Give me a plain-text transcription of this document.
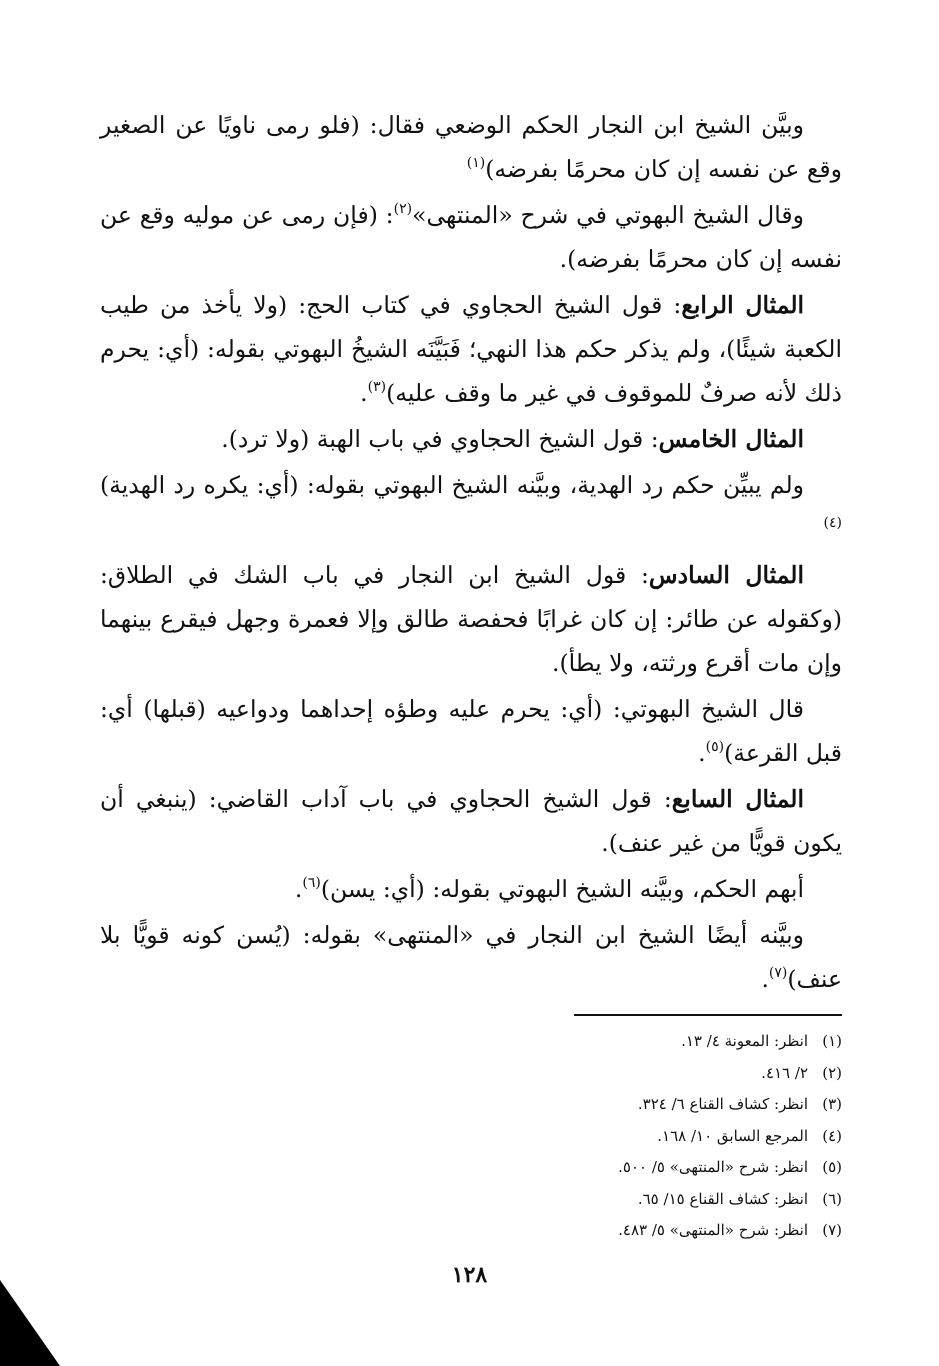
وبيَّن الشيخ ابن النجار الحكم الوضعي فقال: (فلو رمى ناويًا عن الصغير وقع عن نفسه إن كان محرمًا بفرضه)$^{(١)}$

وقال الشيخ البهوتي في شرح «المنتهى»$^{(٢)}$: (فإن رمى عن موليه وقع عن نفسه إن كان محرمًا بفرضه).

المثال الرابع: قول الشيخ الحجاوي في كتاب الحج: (ولا يأخذ من طيب الكعبة شيئًا)، ولم يذكر حكم هذا النهي؛ فَبَيَّنَه الشيخُ البهوتي بقوله: (أي: يحرم ذلك لأنه صرفٌ للموقوف في غير ما وقف عليه)$^{(٣)}$.

المثال الخامس: قول الشيخ الحجاوي في باب الهبة (ولا ترد).

ولم يبيِّن حكم رد الهدية، وبيَّنه الشيخ البهوتي بقوله: (أي: يكره رد الهدية)$^{(٤)}$

المثال السادس: قول الشيخ ابن النجار في باب الشك في الطلاق: (وكقوله عن طائر: إن كان غرابًا فحفصة طالق وإلا فعمرة وجهل فيقرع بينهما وإن مات أقرع ورثته، ولا يطأ).

قال الشيخ البهوتي: (أي: يحرم عليه وطؤه إحداهما ودواعيه (قبلها) أي: قبل القرعة)$^{(٥)}$.

المثال السابع: قول الشيخ الحجاوي في باب آداب القاضي: (ينبغي أن يكون قويًّا من غير عنف).

أبهم الحكم، وبيَّنه الشيخ البهوتي بقوله: (أي: يسن)$^{(٦)}$.

وبيَّنه أيضًا الشيخ ابن النجار في «المنتهى» بقوله: (يُسن كونه قويًّا بلا عنف)$^{(٧)}$.

(١)انظر: المعونة ٤/ ١٣.
(٢)٢/ ٤١٦.
(٣)انظر: كشاف القناع ٦/ ٣٢٤.
(٤)المرجع السابق ١٠/ ١٦٨.
(٥)انظر: شرح «المنتهى» ٥/ ٥٠٠.
(٦)انظر: كشاف القناع ١٥/ ٦٥.
(٧)انظر: شرح «المنتهى» ٥/ ٤٨٣.
١٢٨
